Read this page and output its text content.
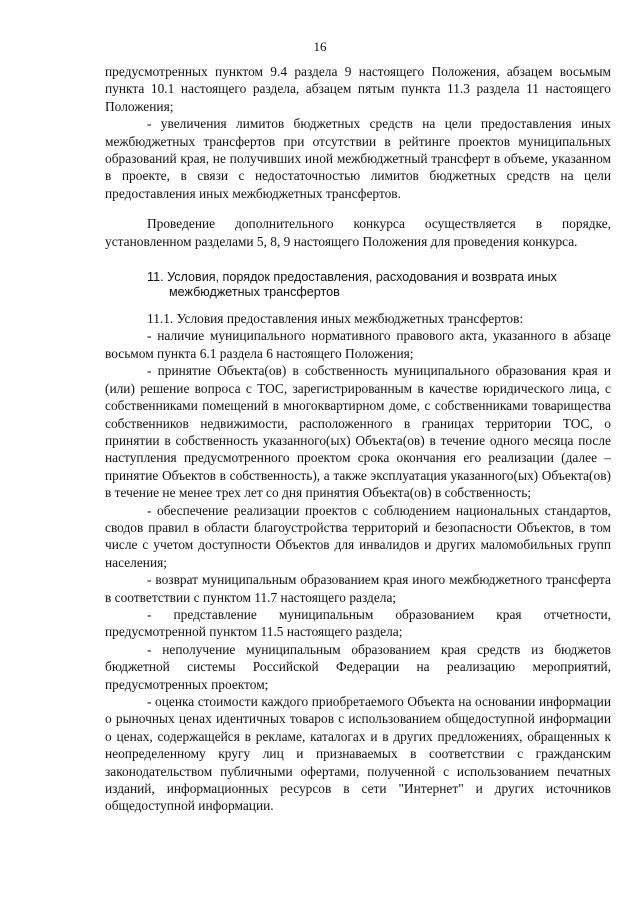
16

предусмотренных пунктом 9.4 раздела 9 настоящего Положения, абзацем восьмым пункта 10.1 настоящего раздела, абзацем пятым пункта 11.3 раздела 11 настоящего Положения;

- увеличения лимитов бюджетных средств на цели предоставления иных межбюджетных трансфертов при отсутствии в рейтинге проектов муниципальных образований края, не получивших иной межбюджетный трансферт в объеме, указанном в проекте, в связи с недостаточностью лимитов бюджетных средств на цели предоставления иных межбюджетных трансфертов.

Проведение дополнительного конкурса осуществляется в порядке, установленном разделами 5, 8, 9 настоящего Положения для проведения конкурса.

11. Условия, порядок предоставления, расходования и возврата иных
межбюджетных трансфертов

11.1. Условия предоставления иных межбюджетных трансфертов:

- наличие муниципального нормативного правового акта, указанного в абзаце восьмом пункта 6.1 раздела 6 настоящего Положения;

- принятие Объекта(ов) в собственность муниципального образования края и (или) решение вопроса с ТОС, зарегистрированным в качестве юридического лица, с собственниками помещений в многоквартирном доме, с собственниками товарищества собственников недвижимости, расположенного в границах территории ТОС, о принятии в собственность указанного(ых) Объекта(ов) в течение одного месяца после наступления предусмотренного проектом срока окончания его реализации (далее – принятие Объектов в собственность), а также эксплуатация указанного(ых) Объекта(ов) в течение не менее трех лет со дня принятия Объекта(ов) в собственность;

- обеспечение реализации проектов с соблюдением национальных стандартов, сводов правил в области благоустройства территорий и безопасности Объектов, в том числе с учетом доступности Объектов для инвалидов и других маломобильных групп населения;

- возврат муниципальным образованием края иного межбюджетного трансферта в соответствии с пунктом 11.7 настоящего раздела;

- представление муниципальным образованием края отчетности, предусмотренной пунктом 11.5 настоящего раздела;

- неполучение муниципальным образованием края средств из бюджетов бюджетной системы Российской Федерации на реализацию мероприятий, предусмотренных проектом;

- оценка стоимости каждого приобретаемого Объекта на основании информации о рыночных ценах идентичных товаров с использованием общедоступной информации о ценах, содержащейся в рекламе, каталогах и в других предложениях, обращенных к неопределенному кругу лиц и признаваемых в соответствии с гражданским законодательством публичными офертами, полученной с использованием печатных изданий, информационных ресурсов в сети "Интернет" и других источников общедоступной информации.
